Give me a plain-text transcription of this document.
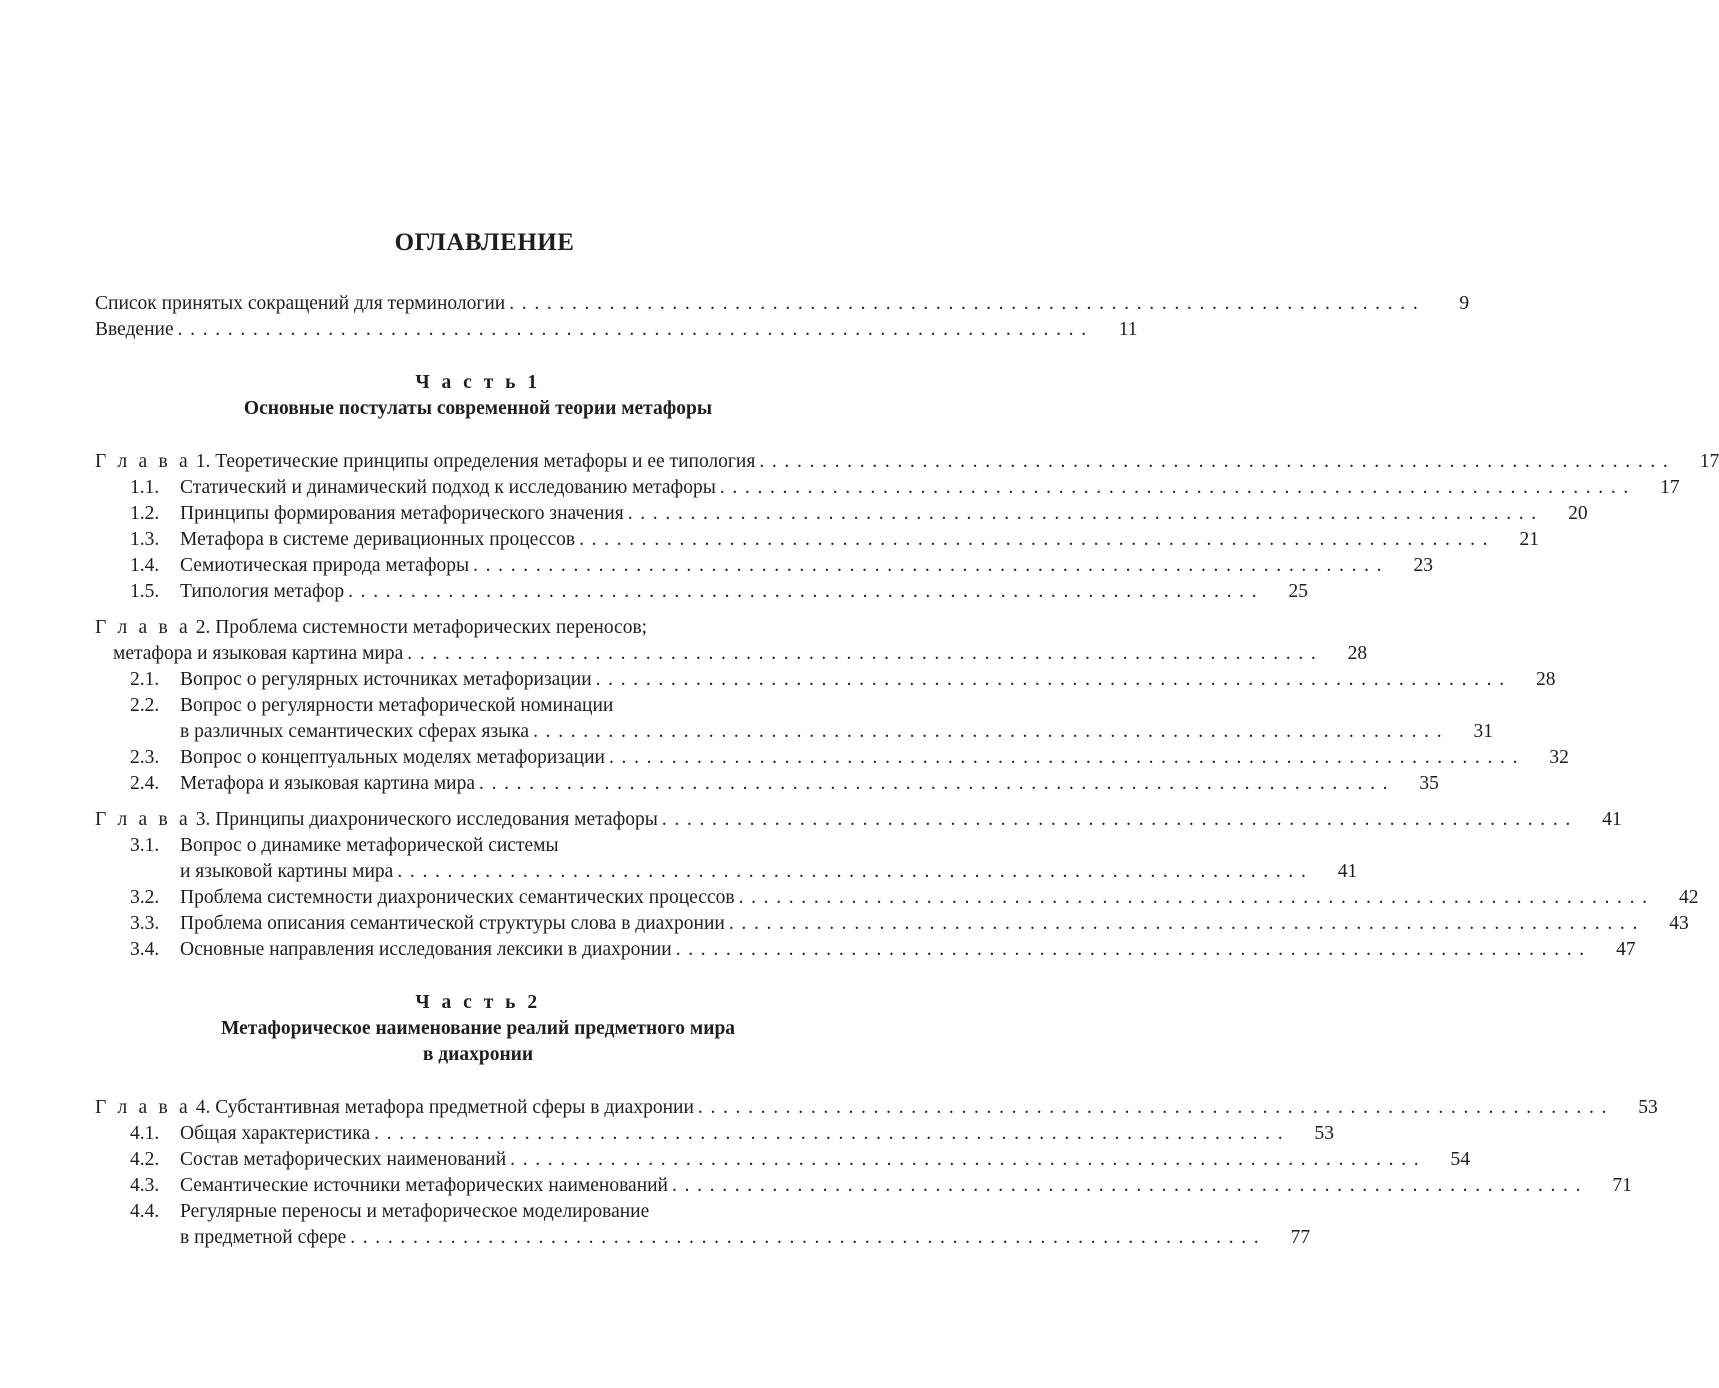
ОГЛАВЛЕНИЕ
Список принятых сокращений для терминологии . . . . . . . . . . . . . . . . . . . . . . . . . . . . . . . . . . . . . . . . . . . . . . . . . . . . . . . . . . . . . . . . . . . . . . . . .	9
Введение . . . . . . . . . . . . . . . . . . . . . . . . . . . . . . . . . . . . . . . . . . . . . . . . . . . . . . . . . . . . . . . . . . . . . . . . .	11
Ч а с т ь 1
Основные постулаты современной теории метафоры
Г л а в а 1. Теоретические принципы определения метафоры и ее типология . . . . . . . . . . . . . . . . . . . . . . . . . . . . . . . . . . . . . . . . . . . . . . . . . . . . . . . . . . . . . . . . . . . . . . . . .	17
1.1.	Статический и динамический подход к исследованию метафоры . . . . . . . . . . . . . . . . . . . . . . . . . . . . . . . . . . . . . . . . . . . . . . . . . . . . . . . . . . . . . . . . . . . . . . . . .	17
1.2.	Принципы формирования метафорического значения . . . . . . . . . . . . . . . . . . . . . . . . . . . . . . . . . . . . . . . . . . . . . . . . . . . . . . . . . . . . . . . . . . . . . . . . .	20
1.3.	Метафора в системе деривационных процессов . . . . . . . . . . . . . . . . . . . . . . . . . . . . . . . . . . . . . . . . . . . . . . . . . . . . . . . . . . . . . . . . . . . . . . . . .	21
1.4.	Семиотическая природа метафоры . . . . . . . . . . . . . . . . . . . . . . . . . . . . . . . . . . . . . . . . . . . . . . . . . . . . . . . . . . . . . . . . . . . . . . . . .	23
1.5.	Типология метафор . . . . . . . . . . . . . . . . . . . . . . . . . . . . . . . . . . . . . . . . . . . . . . . . . . . . . . . . . . . . . . . . . . . . . . . . .	25
Г л а в а 2. Проблема системности метафорических переносов;
метафора и языковая картина мира . . . . . . . . . . . . . . . . . . . . . . . . . . . . . . . . . . . . . . . . . . . . . . . . . . . . . . . . . . . . . . . . . . . . . . . . .	28
2.1.	Вопрос о регулярных источниках метафоризации . . . . . . . . . . . . . . . . . . . . . . . . . . . . . . . . . . . . . . . . . . . . . . . . . . . . . . . . . . . . . . . . . . . . . . . . .	28
2.2.	Вопрос о регулярности метафорической номинации
в различных семантических сферах языка . . . . . . . . . . . . . . . . . . . . . . . . . . . . . . . . . . . . . . . . . . . . . . . . . . . . . . . . . . . . . . . . . . . . . . . . .	31
2.3.	Вопрос о концептуальных моделях метафоризации . . . . . . . . . . . . . . . . . . . . . . . . . . . . . . . . . . . . . . . . . . . . . . . . . . . . . . . . . . . . . . . . . . . . . . . . .	32
2.4.	Метафора и языковая картина мира . . . . . . . . . . . . . . . . . . . . . . . . . . . . . . . . . . . . . . . . . . . . . . . . . . . . . . . . . . . . . . . . . . . . . . . . .	35
Г л а в а 3. Принципы диахронического исследования метафоры . . . . . . . . . . . . . . . . . . . . . . . . . . . . . . . . . . . . . . . . . . . . . . . . . . . . . . . . . . . . . . . . . . . . . . . . .	41
3.1.	Вопрос о динамике метафорической системы
и языковой картины мира . . . . . . . . . . . . . . . . . . . . . . . . . . . . . . . . . . . . . . . . . . . . . . . . . . . . . . . . . . . . . . . . . . . . . . . . .	41
3.2.	Проблема системности диахронических семантических процессов . . . . . . . . . . . . . . . . . . . . . . . . . . . . . . . . . . . . . . . . . . . . . . . . . . . . . . . . . . . . . . . . . . . . . . . . .	42
3.3.	Проблема описания семантической структуры слова в диахронии . . . . . . . . . . . . . . . . . . . . . . . . . . . . . . . . . . . . . . . . . . . . . . . . . . . . . . . . . . . . . . . . . . . . . . . . .	43
3.4.	Основные направления исследования лексики в диахронии . . . . . . . . . . . . . . . . . . . . . . . . . . . . . . . . . . . . . . . . . . . . . . . . . . . . . . . . . . . . . . . . . . . . . . . . .	47
Ч а с т ь 2
Метафорическое наименование реалий предметного мира
в диахронии
Г л а в а 4. Субстантивная метафора предметной сферы в диахронии . . . . . . . . . . . . . . . . . . . . . . . . . . . . . . . . . . . . . . . . . . . . . . . . . . . . . . . . . . . . . . . . . . . . . . . . .	53
4.1.	Общая характеристика . . . . . . . . . . . . . . . . . . . . . . . . . . . . . . . . . . . . . . . . . . . . . . . . . . . . . . . . . . . . . . . . . . . . . . . . .	53
4.2.	Состав метафорических наименований . . . . . . . . . . . . . . . . . . . . . . . . . . . . . . . . . . . . . . . . . . . . . . . . . . . . . . . . . . . . . . . . . . . . . . . . .	54
4.3.	Семантические источники метафорических наименований . . . . . . . . . . . . . . . . . . . . . . . . . . . . . . . . . . . . . . . . . . . . . . . . . . . . . . . . . . . . . . . . . . . . . . . . .	71
4.4.	Регулярные переносы и метафорическое моделирование
в предметной сфере . . . . . . . . . . . . . . . . . . . . . . . . . . . . . . . . . . . . . . . . . . . . . . . . . . . . . . . . . . . . . . . . . . . . . . . . .	77
